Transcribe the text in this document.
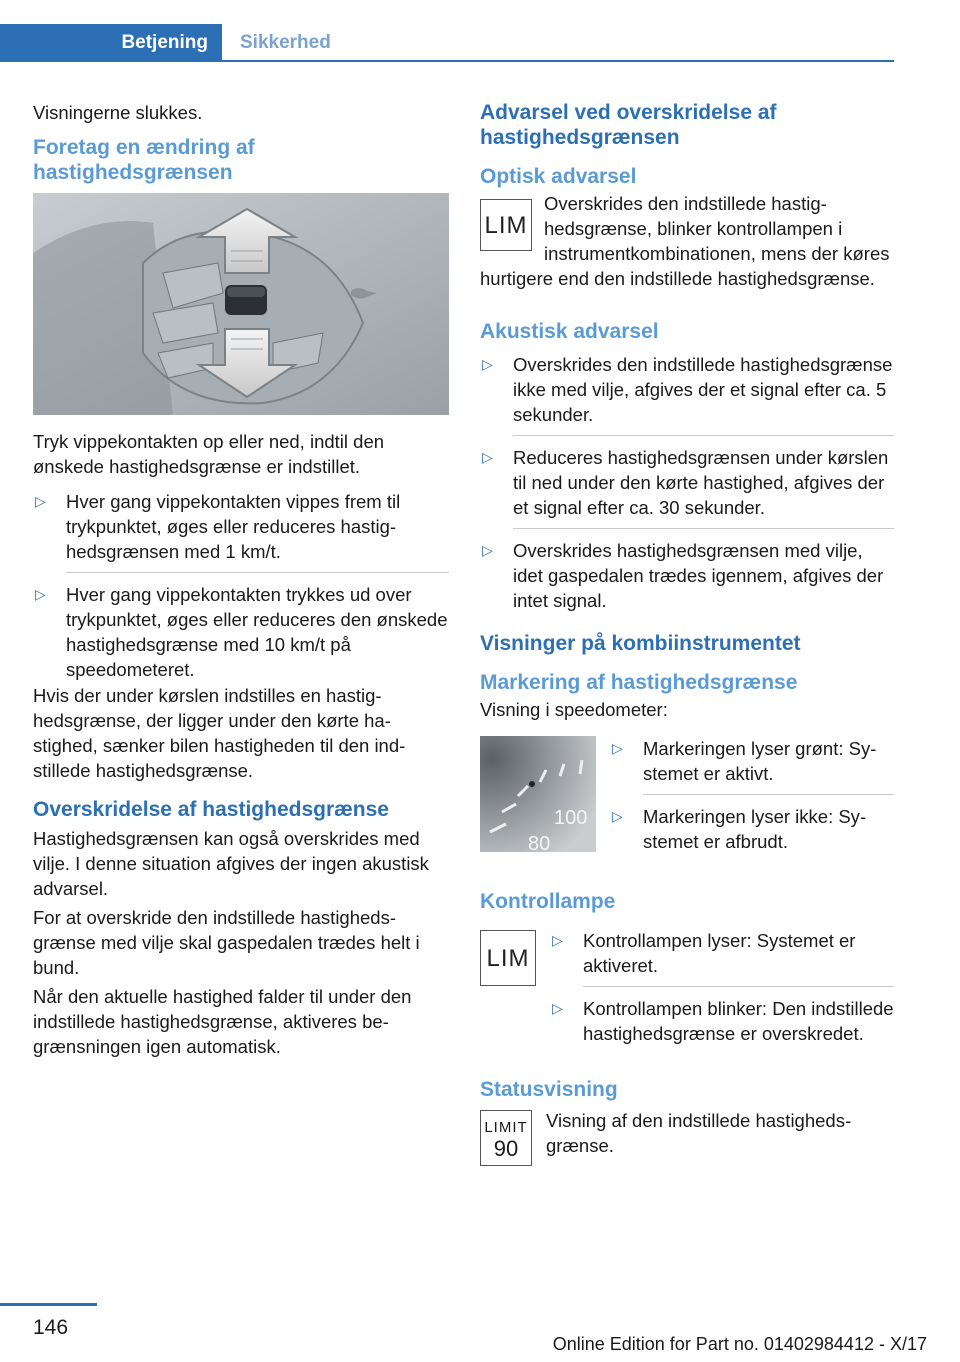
Betjening	Sikkerhed

Visningerne slukkes.

Foretag en ændring af hastighedsgrænsen

Tryk vippekontakten op eller ned, indtil den ønskede hastighedsgrænse er indstillet.

▷ Hver gang vippekontakten vippes frem til trykpunktet, øges eller reduceres hastighedsgrænsen med 1 km/t.
▷ Hver gang vippekontakten trykkes ud over trykpunktet, øges eller reduceres den ønskede hastighedsgrænse med 10 km/t på speedometeret.

Hvis der under kørslen indstilles en hastighedsgrænse, der ligger under den kørte hastighed, sænker bilen hastigheden til den indstillede hastighedsgrænse.

Overskridelse af hastighedsgrænse

Hastighedsgrænsen kan også overskrides med vilje. I denne situation afgives der ingen akustisk advarsel.

For at overskride den indstillede hastighedsgrænse med vilje skal gaspedalen trædes helt i bund.

Når den aktuelle hastighed falder til under den indstillede hastighedsgrænse, aktiveres begrænsningen igen automatisk.

Advarsel ved overskridelse af hastighedsgrænsen
Optisk advarsel
LIM

Overskrides den indstillede hastighedsgrænse, blinker kontrollampen i instrumentkombinationen, mens der køres hurtigere end den indstillede hastighedsgrænse.

Akustisk advarsel
▷ Overskrides den indstillede hastighedsgrænse ikke med vilje, afgives der et signal efter ca. 5 sekunder.
▷ Reduceres hastighedsgrænsen under kørslen til ned under den kørte hastighed, afgives der et signal efter ca. 30 sekunder.
▷ Overskrides hastighedsgrænsen med vilje, idet gaspedalen trædes igennem, afgives der intet signal.
Visninger på kombiinstrumentet
Markering af hastighedsgrænse

Visning i speedometer:

100
80
▷ Markeringen lyser grønt: Systemet er aktivt.
▷ Markeringen lyser ikke: Systemet er afbrudt.
Kontrollampe
LIM
▷ Kontrollampen lyser: Systemet er aktiveret.
▷ Kontrollampen blinker: Den indstillede hastighedsgrænse er overskredet.
Statusvisning
LIMIT
90

Visning af den indstillede hastighedsgrænse.

146
Online Edition for Part no. 01402984412 - X/17
